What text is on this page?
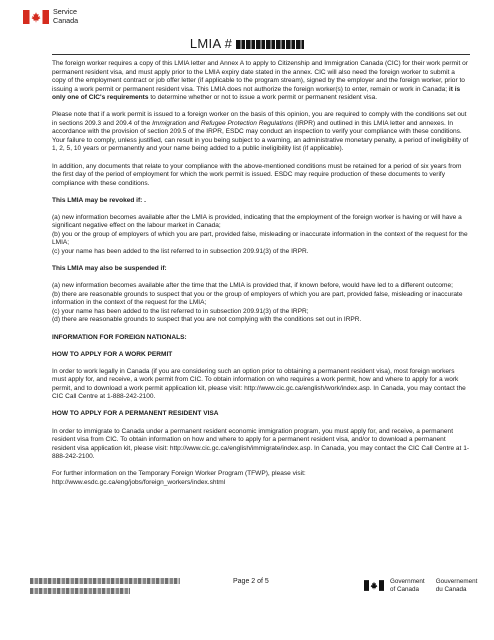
Service
Canada
LMIA #

The foreign worker requires a copy of this LMIA letter and Annex A to apply to Citizenship and Immigration Canada (CIC) for their work permit or permanent resident visa, and must apply prior to the LMIA expiry date stated in the annex. CIC will also need the foreign worker to submit a copy of the employment contract or job offer letter (if applicable to the program stream), signed by the employer and the foreign worker, prior to issuing a work permit or permanent resident visa. This LMIA does not authorize the foreign worker(s) to enter, remain or work in Canada; it is only one of CIC's requirements to determine whether or not to issue a work permit or permanent resident visa.

Please note that if a work permit is issued to a foreign worker on the basis of this opinion, you are required to comply with the conditions set out in sections 209.3 and 209.4 of the Immigration and Refugee Protection Regulations (IRPR) and outlined in this LMIA letter and annexes. In accordance with the provision of section 209.5 of the IRPR, ESDC may conduct an inspection to verify your compliance with these conditions. Your failure to comply, unless justified, can result in you being subject to a warning, an administrative monetary penalty, a period of ineligibility of 1, 2, 5, 10 years or permanently and your name being added to a public ineligibility list (if applicable).

In addition, any documents that relate to your compliance with the above-mentioned conditions must be retained for a period of six years from the first day of the period of employment for which the work permit is issued. ESDC may require production of these documents to verify compliance with these conditions.

This LMIA may be revoked if: .

(a) new information becomes available after the LMIA is provided, indicating that the employment of the foreign worker is having or will have a significant negative effect on the labour market in Canada;
(b) you or the group of employers of which you are part, provided false, misleading or inaccurate information in the context of the request for the LMIA;
(c) your name has been added to the list referred to in subsection 209.91(3) of the IRPR.

This LMIA may also be suspended if:

(a) new information becomes available after the time that the LMIA is provided that, if known before, would have led to a different outcome;
(b) there are reasonable grounds to suspect that you or the group of employers of which you are part, provided false, misleading or inaccurate information in the context of the request for the LMIA;
(c) your name has been added to the list referred to in subsection 209.91(3) of the IRPR;
(d) there are reasonable grounds to suspect that you are not complying with the conditions set out in IRPR.

INFORMATION FOR FOREIGN NATIONALS:

HOW TO APPLY FOR A WORK PERMIT

In order to work legally in Canada (if you are considering such an option prior to obtaining a permanent resident visa), most foreign workers must apply for, and receive, a work permit from CIC. To obtain information on who requires a work permit, how and where to apply for a work permit, and to download a work permit application kit, please visit: http://www.cic.gc.ca/english/work/index.asp. In Canada, you may contact the CIC Call Centre at 1-888-242-2100.

HOW TO APPLY FOR A PERMANENT RESIDENT VISA

In order to immigrate to Canada under a permanent resident economic immigration program, you must apply for, and receive, a permanent resident visa from CIC. To obtain information on how and where to apply for a permanent resident visa, and/or to download a permanent resident visa application kit, please visit: http://www.cic.gc.ca/english/immigrate/index.asp. In Canada, you may contact the CIC Call Centre at 1-888-242-2100.

For further information on the Temporary Foreign Worker Program (TFWP), please visit:
http://www.esdc.gc.ca/eng/jobs/foreign_workers/index.shtml
Page 2 of 5	Government
of Canada Gouvernement
du Canada
